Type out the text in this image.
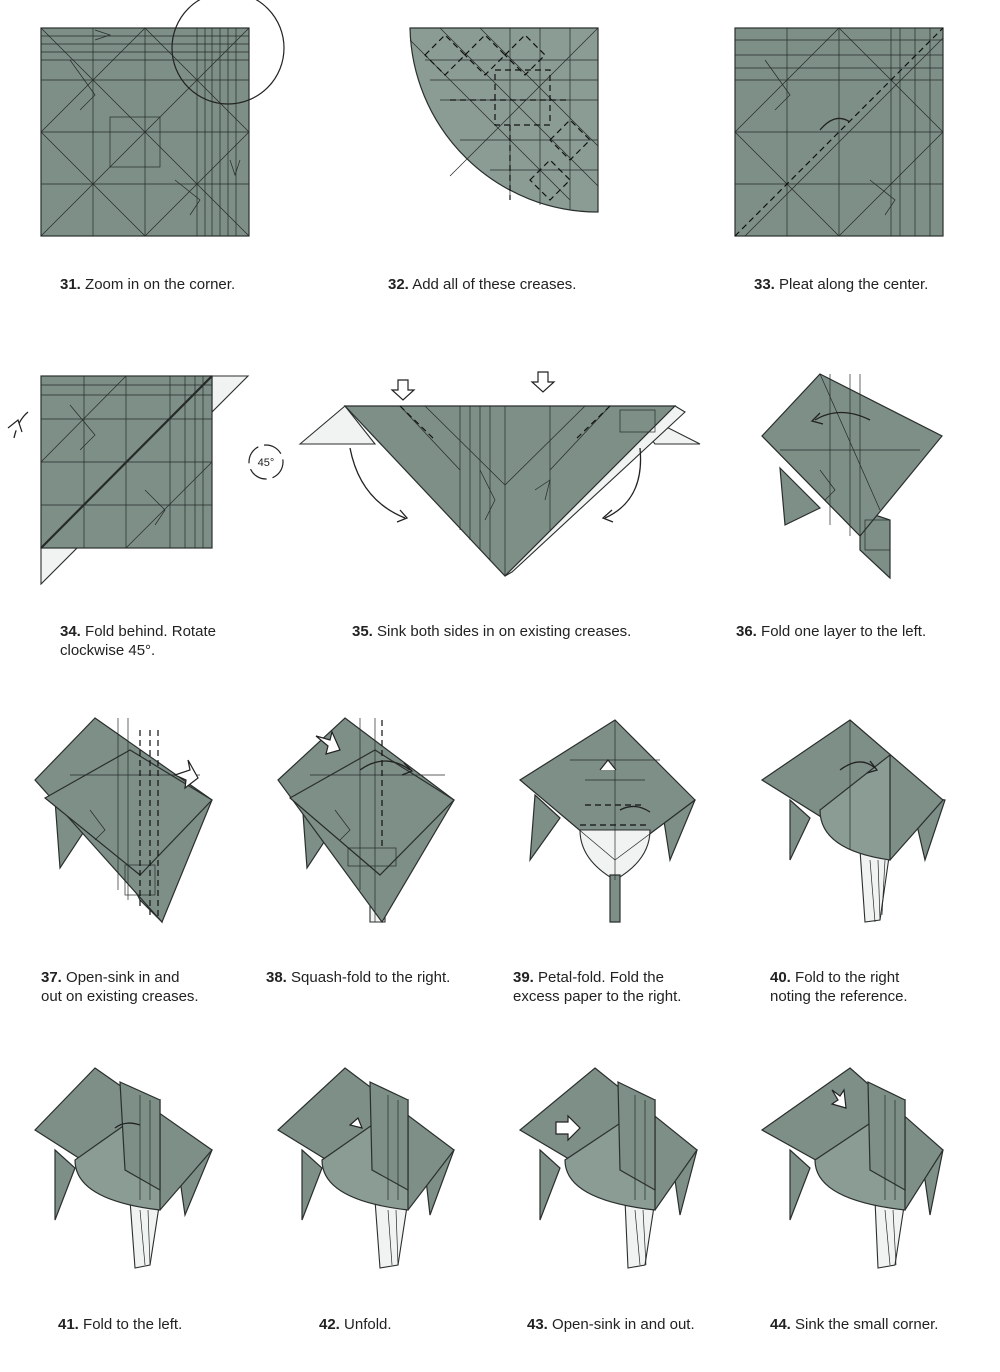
31. Zoom in on the corner.	32. Add all of these creases.	33. Pleat along the center.

45°

34. Fold behind. Rotate
clockwise 45°.

35. Sink both sides in on existing creases.	36. Fold one layer to the left.

37. Open-sink in and
out on existing creases.

38. Squash-fold to the right.	39. Petal-fold. Fold the
excess paper to the right.

40. Fold to the right
noting the reference.

41. Fold to the left.	42. Unfold.	43. Open-sink in and out.	44. Sink the small corner.
